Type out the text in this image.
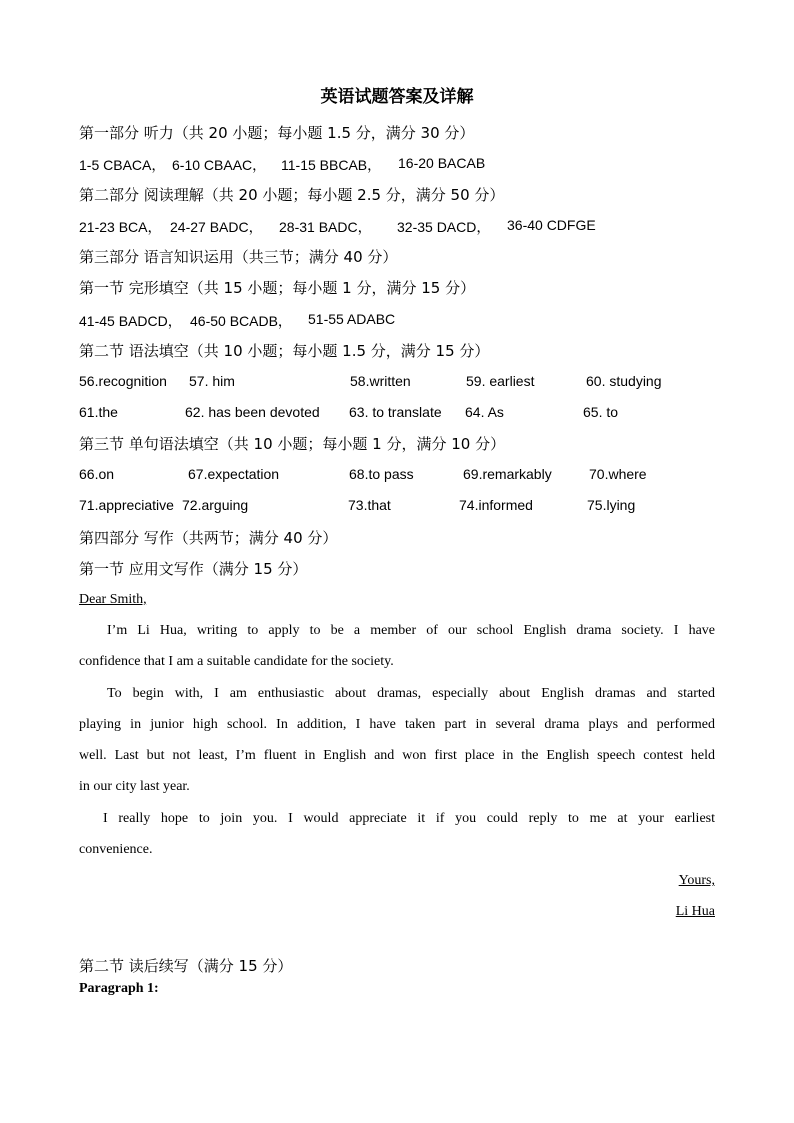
英语试题答案及详解
第一部分 听力（共 20 小题；每小题 1.5 分，满分 30 分）
1-5 CBACA， 6-10 CBAAC， 11-15 BBCAB， 16-20 BACAB
第二部分 阅读理解（共 20 小题；每小题 2.5 分，满分 50 分）
21-23 BCA， 24-27 BADC， 28-31 BADC， 32-35 DACD， 36-40 CDFGE
第三部分 语言知识运用（共三节；满分 40 分）
第一节 完形填空（共 15 小题；每小题 1 分，满分 15 分）
41-45 BADCD， 46-50 BCADB， 51-55 ADABC
第二节 语法填空（共 10 小题；每小题 1.5 分，满分 15 分）
56.recognition 57. him	58.written	59. earliest	60. studying
61.the	62. has been devoted 63. to translate 64. As	65. to
第三节 单句语法填空（共 10 小题；每小题 1 分，满分 10 分）
66.on	67.expectation	68.to pass	69.remarkably	70.where
71.appreciative 72.arguing	73.that	74.informed	75.lying
第四部分 写作（共两节；满分 40 分）
第一节 应用文写作（满分 15 分）
Dear Smith,
I’m Li Hua, writing to apply to be a member of our school English drama society. I have
confidence that I am a suitable candidate for the society.
To begin with, I am enthusiastic about dramas, especially about English dramas and started
playing in junior high school. In addition, I have taken part in several drama plays and performed
well. Last but not least, I’m fluent in English and won first place in the English speech contest held
in our city last year.
I really hope to join you. I would appreciate it if you could reply to me at your earliest
convenience.
Yours,
Li Hua
第二节 读后续写（满分 15 分）
Paragraph 1:
